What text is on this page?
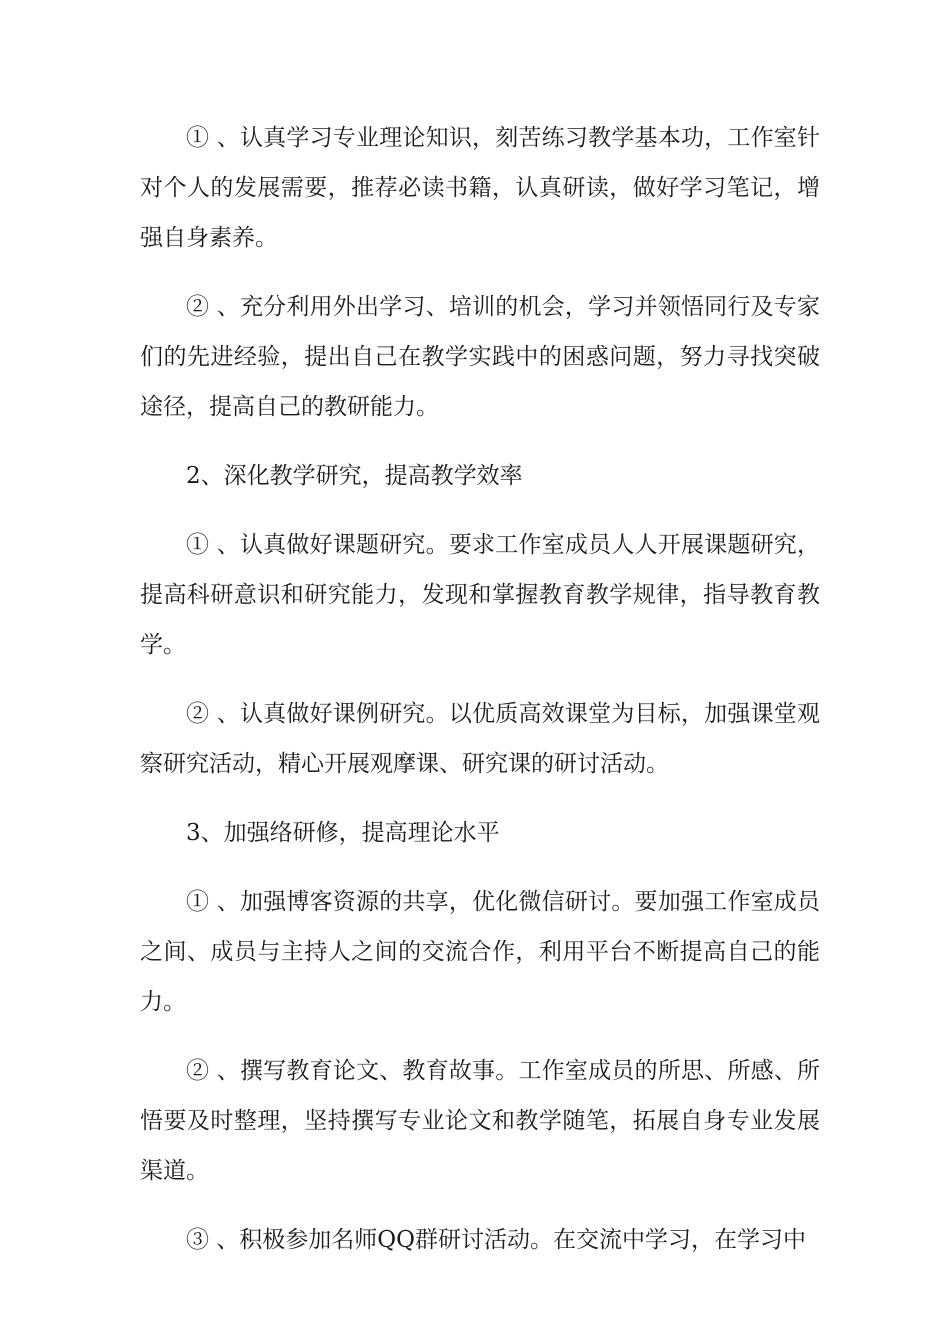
① 、认真学习专业理论知识，刻苦练习教学基本功，工作室针对个人的发展需要，推荐必读书籍，认真研读，做好学习笔记，增强自身素养。

② 、充分利用外出学习、培训的机会，学习并领悟同行及专家们的先进经验，提出自己在教学实践中的困惑问题，努力寻找突破途径，提高自己的教研能力。

2、深化教学研究，提高教学效率

① 、认真做好课题研究。要求工作室成员人人开展课题研究，提高科研意识和研究能力，发现和掌握教育教学规律，指导教育教学。

② 、认真做好课例研究。以优质高效课堂为目标，加强课堂观察研究活动，精心开展观摩课、研究课的研讨活动。

3、加强络研修，提高理论水平

① 、加强博客资源的共享，优化微信研讨。要加强工作室成员之间、成员与主持人之间的交流合作，利用平台不断提高自己的能力。

② 、撰写教育论文、教育故事。工作室成员的所思、所感、所悟要及时整理，坚持撰写专业论文和教学随笔，拓展自身专业发展渠道。

③ 、积极参加名师QQ群研讨活动。在交流中学习，在学习中
